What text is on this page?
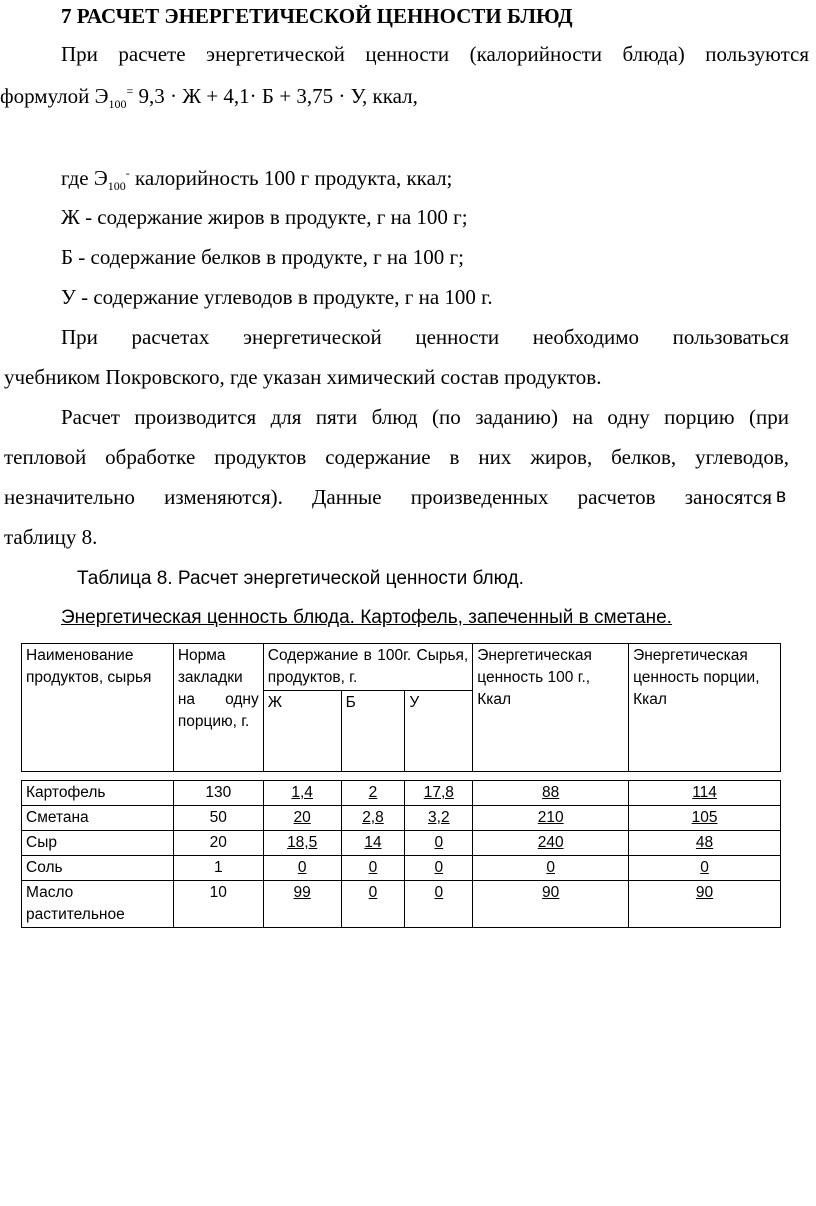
7 РАСЧЕТ ЭНЕРГЕТИЧЕСКОЙ ЦЕННОСТИ БЛЮД
При расчете энергетической ценности (калорийности блюда) пользуются
формулой $Э_{100}^=$ 9,3 · Ж + 4,1· Б + 3,75 · У, ккал,
где $Э_{100}^-$ калорийность 100 г продукта, ккал;
Ж - содержание жиров в продукте, г на 100 г;
Б - содержание белков в продукте, г на 100 г;
У - содержание углеводов в продукте, г на 100 г.
При расчетах энергетической ценности необходимо пользоваться
учебником Покровского, где указан химический состав продуктов.
Расчет производится для пяти блюд (по заданию) на одну порцию (при
тепловой обработке продуктов содержание в них жиров, белков, углеводов,
незначительно изменяются). Данные произведенных расчетов заносятся в
таблицу 8.
Таблица 8. Расчет энергетической ценности блюд.
Энергетическая ценность блюда. Картофель, запеченный в сметане.
Наименование продуктов, сырья	Норма закладки на одну порцию, г.	Содержание в 100г. Сырья, продуктов, г.			Энергетическая ценность 100 г., Ккал	Энергетическая ценность порции, Ккал
		Ж	Б	У		

Картофель	130	1,4	2	17,8	88	114
Сметана	50	20	2,8	3,2	210	105
Сыр	20	18,5	14	0	240	48
Соль	1	0	0	0	0	0
Масло растительное	10	99	0	0	90	90
